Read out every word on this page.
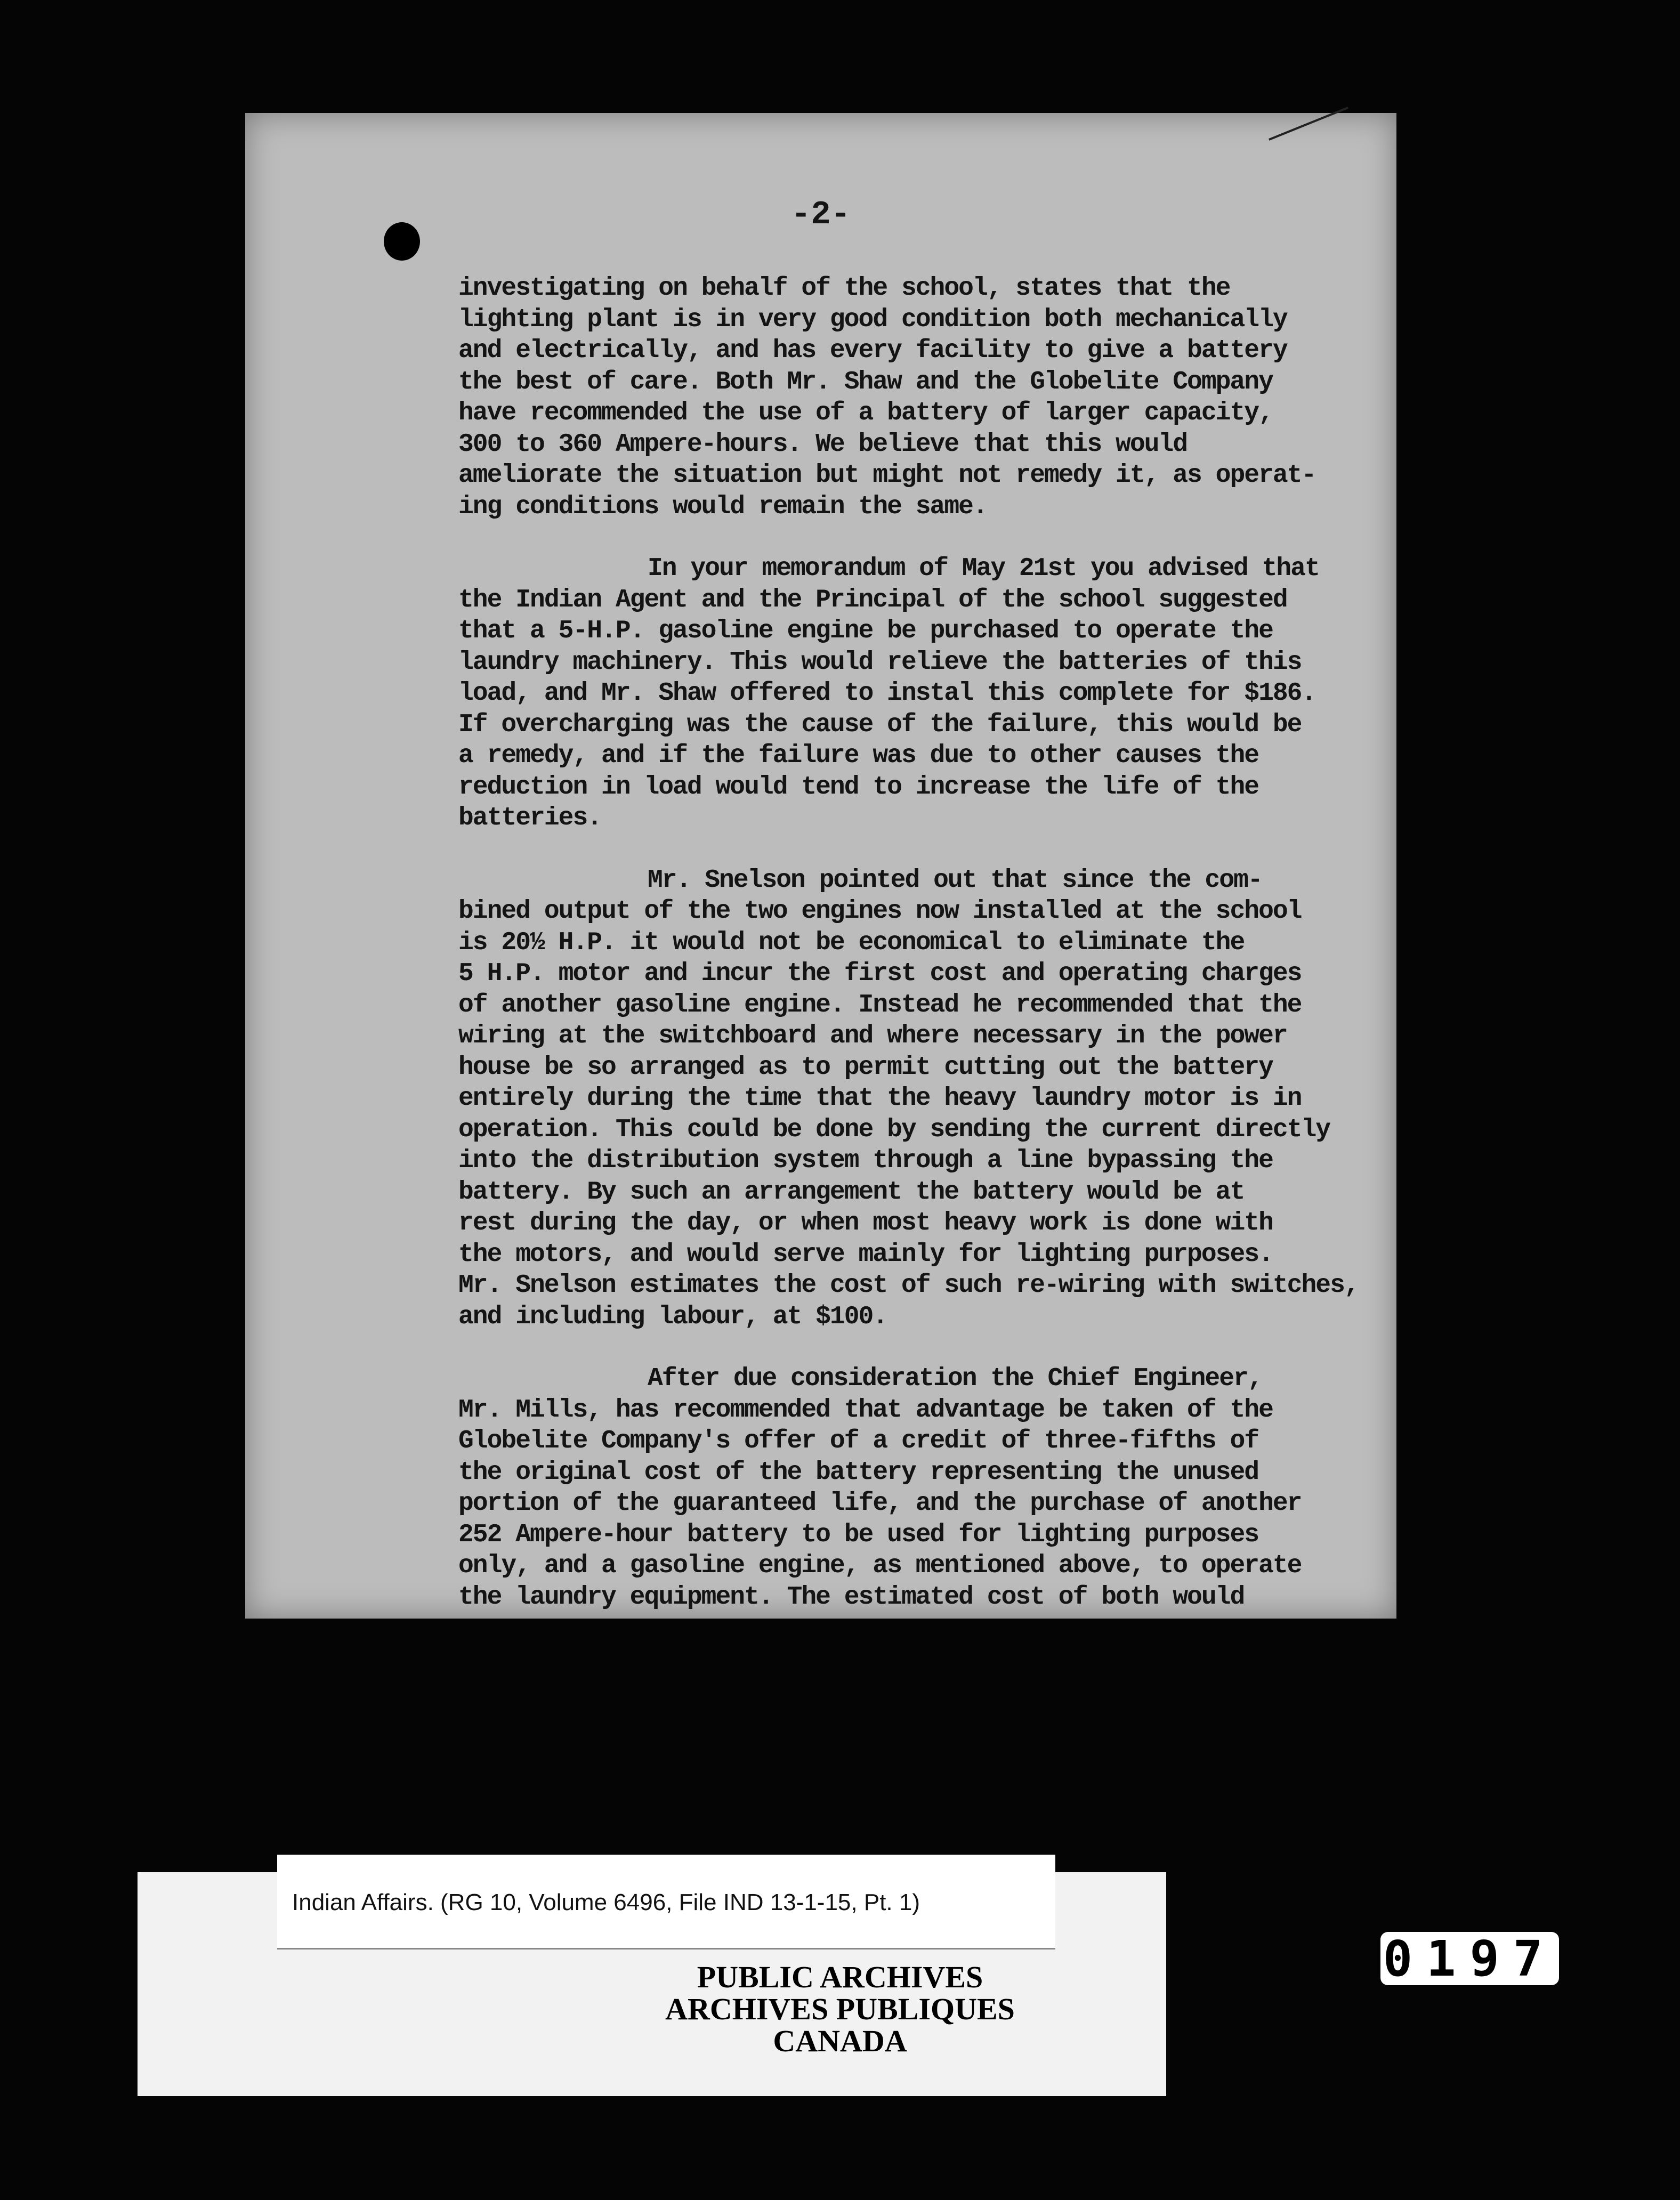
-2-
investigating on behalf of the school, states that the
lighting plant is in very good condition both mechanically
and electrically, and has every facility to give a battery
the best of care. Both Mr. Shaw and the Globelite Company
have recommended the use of a battery of larger capacity,
300 to 360 Ampere-hours. We believe that this would
ameliorate the situation but might not remedy it, as operat-
ing conditions would remain the same.
In your memorandum of May 21st you advised that
the Indian Agent and the Principal of the school suggested
that a 5-H.P. gasoline engine be purchased to operate the
laundry machinery. This would relieve the batteries of this
load, and Mr. Shaw offered to instal this complete for $186.
If overcharging was the cause of the failure, this would be
a remedy, and if the failure was due to other causes the
reduction in load would tend to increase the life of the
batteries.
Mr. Snelson pointed out that since the com-
bined output of the two engines now installed at the school
is 20½ H.P. it would not be economical to eliminate the
5 H.P. motor and incur the first cost and operating charges
of another gasoline engine. Instead he recommended that the
wiring at the switchboard and where necessary in the power
house be so arranged as to permit cutting out the battery
entirely during the time that the heavy laundry motor is in
operation. This could be done by sending the current directly
into the distribution system through a line bypassing the
battery. By such an arrangement the battery would be at
rest during the day, or when most heavy work is done with
the motors, and would serve mainly for lighting purposes.
Mr. Snelson estimates the cost of such re-wiring with switches,
and including labour, at $100.
After due consideration the Chief Engineer,
Mr. Mills, has recommended that advantage be taken of the
Globelite Company's offer of a credit of three-fifths of
the original cost of the battery representing the unused
portion of the guaranteed life, and the purchase of another
252 Ampere-hour battery to be used for lighting purposes
only, and a gasoline engine, as mentioned above, to operate
the laundry equipment. The estimated cost of both would
Indian Affairs. (RG 10, Volume 6496, File IND 13-1-15, Pt. 1)
PUBLIC ARCHIVES
ARCHIVES PUBLIQUES
CANADA
0197
